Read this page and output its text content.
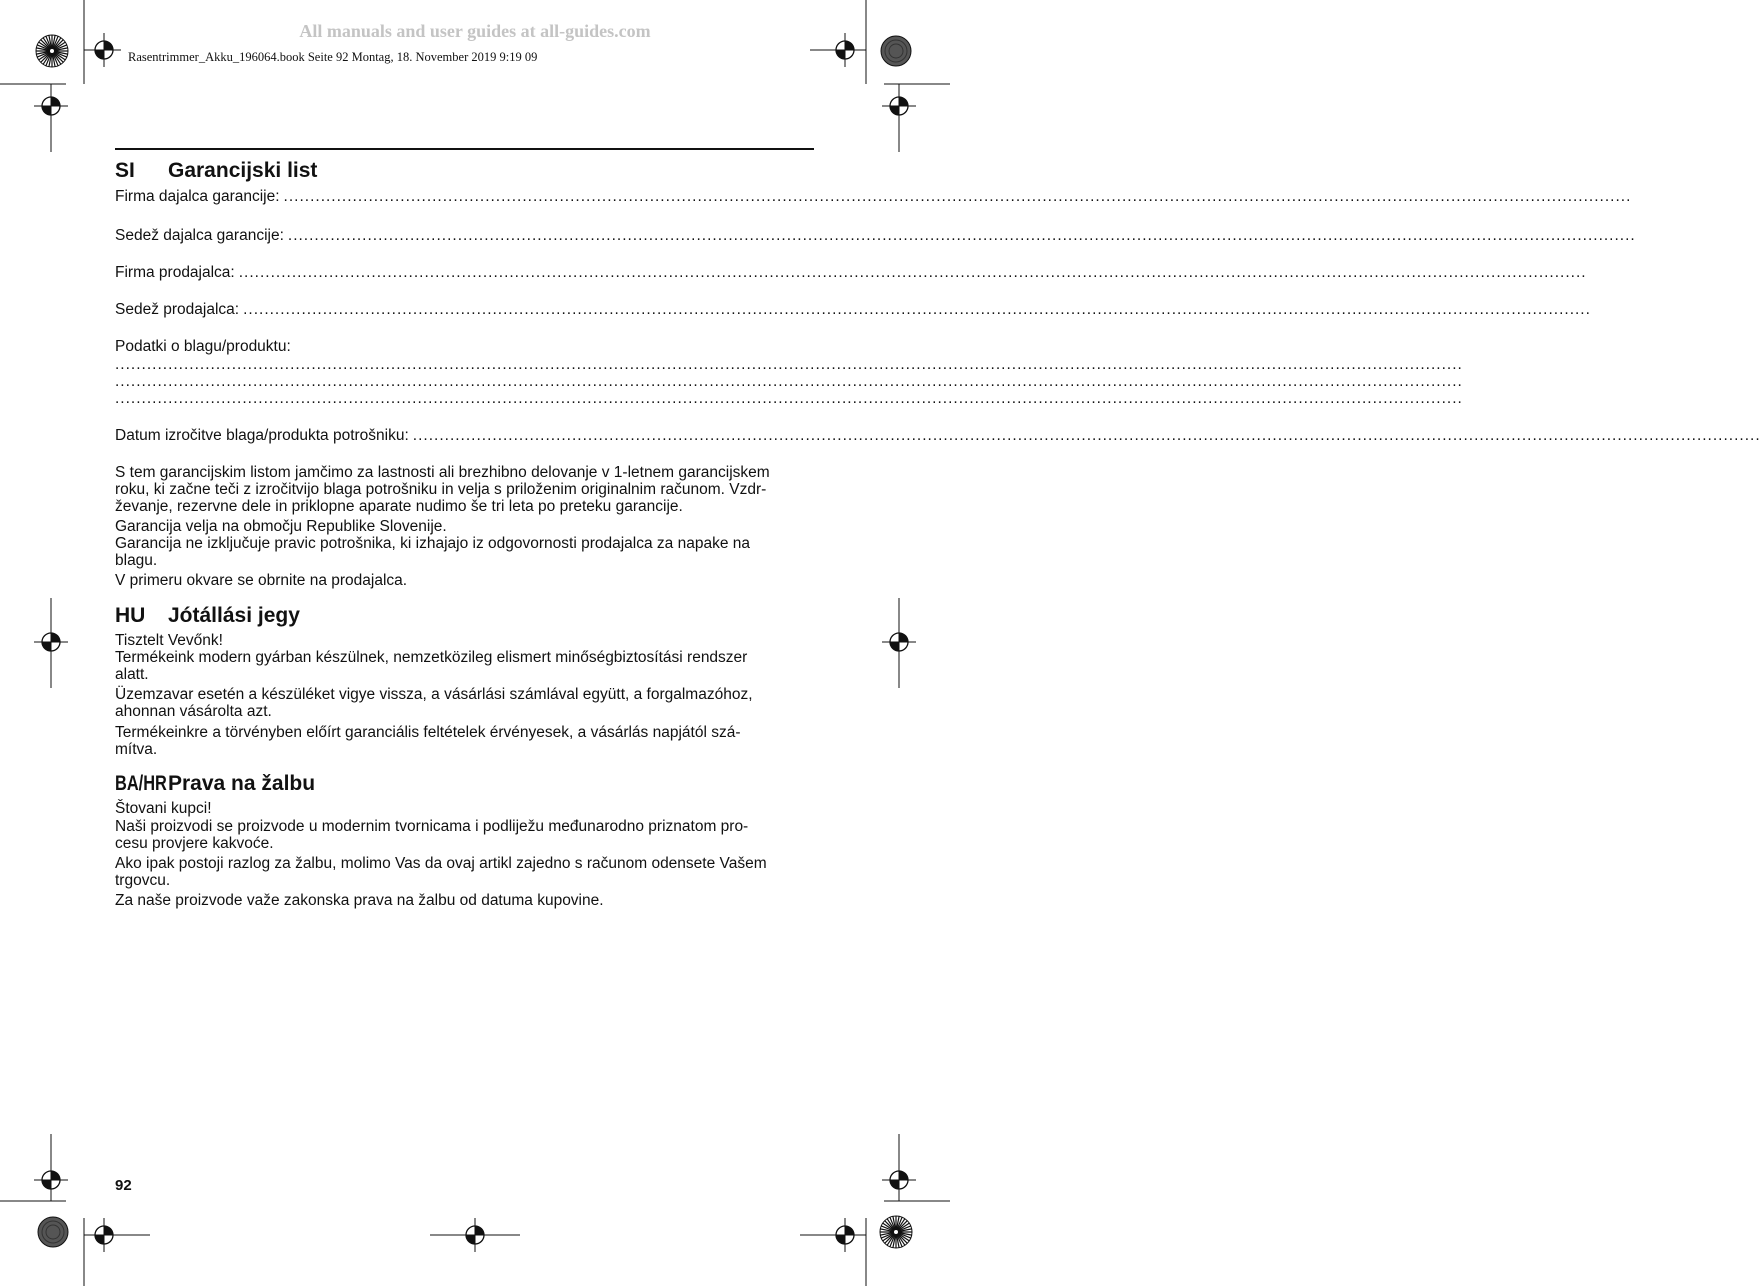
All manuals and user guides at all-guides.com
Rasentrimmer_Akku_196064.book Seite 92 Montag, 18. November 2019 9:19 09
SI Garancijski list
Firma dajalca garancije: ..............................................................................................................................................................................................................................................................
Sedež dajalca garancije: ..............................................................................................................................................................................................................................................................
Firma prodajalca: ..............................................................................................................................................................................................................................................................
Sedež prodajalca: ..............................................................................................................................................................................................................................................................
Podatki o blagu/produktu:
..............................................................................................................................................................................................................................................................
..............................................................................................................................................................................................................................................................
..............................................................................................................................................................................................................................................................
Datum izročitve blaga/produkta potrošniku: ..............................................................................................................................................................................................................................................................
S tem garancijskim listom jamčimo za lastnosti ali brezhibno delovanje v 1-letnem garancijskem
roku, ki začne teči z izročitvijo blaga potrošniku in velja s priloženim originalnim računom. Vzdr-
ževanje, rezervne dele in priklopne aparate nudimo še tri leta po preteku garancije.
Garancija velja na območju Republike Slovenije.
Garancija ne izključuje pravic potrošnika, ki izhajajo iz odgovornosti prodajalca za napake na
blagu.
V primeru okvare se obrnite na prodajalca.
HU Jótállási jegy
Tisztelt Vevőnk!
Termékeink modern gyárban készülnek, nemzetközileg elismert minőségbiztosítási rendszer
alatt.
Üzemzavar esetén a készüléket vigye vissza, a vásárlási számlával együtt, a forgalmazóhoz,
ahonnan vásárolta azt.
Termékeinkre a törvényben előírt garanciális feltételek érvényesek, a vásárlás napjától szá-
mítva.
BA/HRPrava na žalbu
Štovani kupci!
Naši proizvodi se proizvode u modernim tvornicama i podliježu međunarodno priznatom pro-
cesu provjere kakvoće.
Ako ipak postoji razlog za žalbu, molimo Vas da ovaj artikl zajedno s računom odensete Vašem
trgovcu.
Za naše proizvode važe zakonska prava na žalbu od datuma kupovine.
92
